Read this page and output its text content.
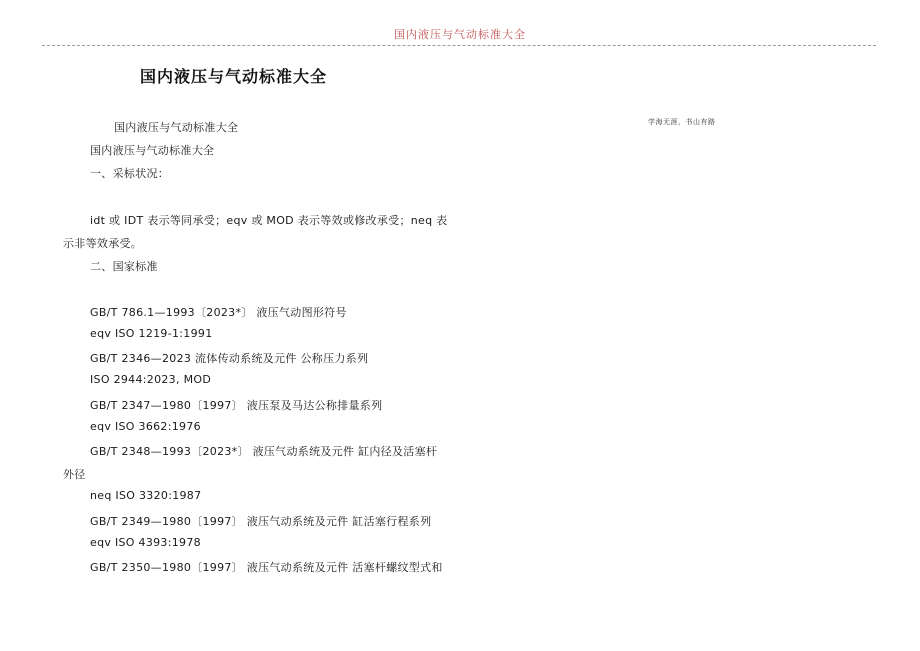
国内液压与气动标准大全
国内液压与气动标准大全
学海无涯，书山有路
国内液压与气动标准大全
国内液压与气动标准大全
一、采标状况：
idt 或 IDT 表示等同承受；eqv 或 MOD 表示等效或修改承受；neq 表
示非等效承受。
二、国家标准
GB/T 786.1—1993〔2023*〕 液压气动图形符号
eqv ISO 1219-1:1991
GB/T 2346—2023 流体传动系统及元件 公称压力系列
ISO 2944:2023, MOD
GB/T 2347—1980〔1997〕 液压泵及马达公称排量系列
eqv ISO 3662:1976
GB/T 2348—1993〔2023*〕 液压气动系统及元件 缸内径及活塞杆
外径
neq ISO 3320:1987
GB/T 2349—1980〔1997〕 液压气动系统及元件 缸活塞行程系列
eqv ISO 4393:1978
GB/T 2350—1980〔1997〕 液压气动系统及元件 活塞杆螺纹型式和
